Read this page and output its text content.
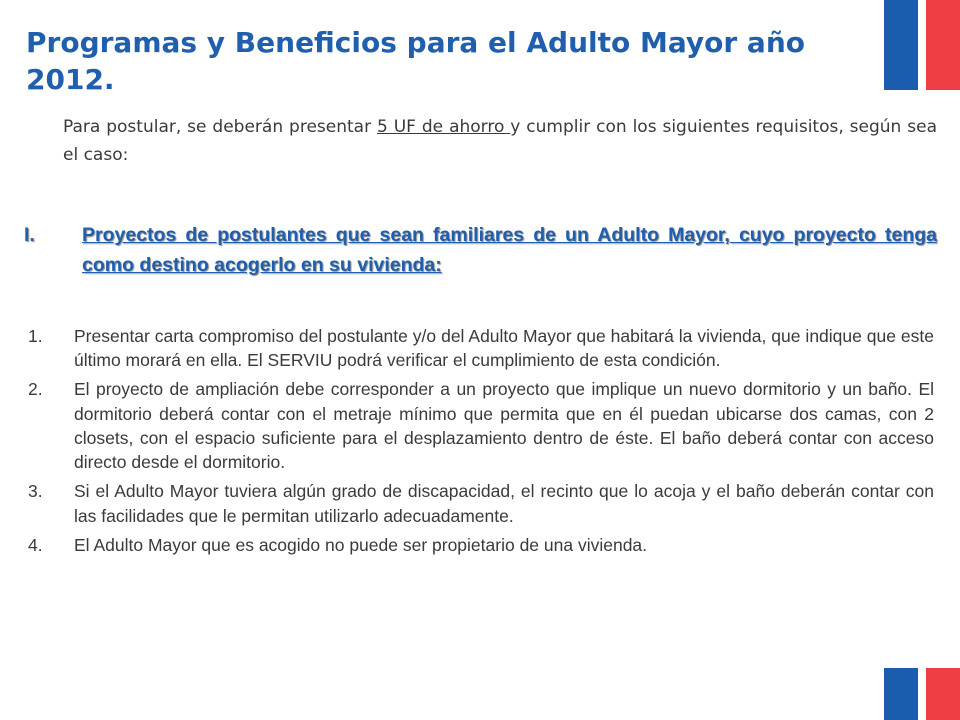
Programas y Beneficios para el Adulto Mayor año 2012.

Para postular, se deberán presentar 5 UF de ahorro y cumplir con los siguientes requisitos, según sea el caso:

I. Proyectos de postulantes que sean familiares de un Adulto Mayor, cuyo proyecto tenga como destino acogerlo en su vivienda:
1. Presentar carta compromiso del postulante y/o del Adulto Mayor que habitará la vivienda, que indique que este último morará en ella. El SERVIU podrá verificar el cumplimiento de esta condición.
2. El proyecto de ampliación debe corresponder a un proyecto que implique un nuevo dormitorio y un baño. El dormitorio deberá contar con el metraje mínimo que permita que en él puedan ubicarse dos camas, con 2 closets, con el espacio suficiente para el desplazamiento dentro de éste. El baño deberá contar con acceso directo desde el dormitorio.
3. Si el Adulto Mayor tuviera algún grado de discapacidad, el recinto que lo acoja y el baño deberán contar con las facilidades que le permitan utilizarlo adecuadamente.
4. El Adulto Mayor que es acogido no puede ser propietario de una vivienda.
